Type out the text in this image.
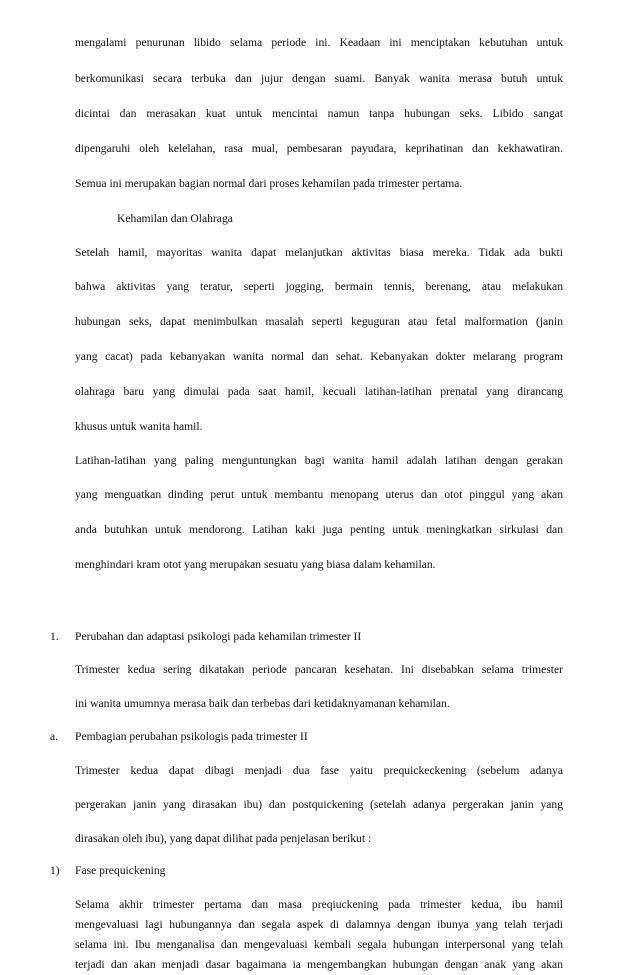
mengalami penurunan libido selama periode ini. Keadaan ini menciptakan kebutuhan untuk
berkomunikasi secara terbuka dan jujur dengan suami. Banyak wanita merasa butuh untuk
dicintai dan merasakan kuat untuk mencintai namun tanpa hubungan seks. Libido sangat
dipengaruhi oleh kelelahan, rasa mual, pembesaran payudara, keprihatinan dan kekhawatiran.
Semua ini merupakan bagian normal dari proses kehamilan pada trimester pertama.
Kehamilan dan Olahraga
Setelah hamil, mayoritas wanita dapat melanjutkan aktivitas biasa mereka. Tidak ada bukti
bahwa aktivitas yang teratur, seperti jogging, bermain tennis, berenang, atau melakukan
hubungan seks, dapat menimbulkan masalah seperti keguguran atau fetal malformation (janin
yang cacat) pada kebanyakan wanita normal dan sehat. Kebanyakan dokter melarang program
olahraga baru yang dimulai pada saat hamil, kecuali latihan-latihan prenatal yang dirancang
khusus untuk wanita hamil.
Latihan-latihan yang paling menguntungkan bagi wanita hamil adalah latihan dengan gerakan
yang menguatkan dinding perut untuk membantu menopang uterus dan otot pinggul yang akan
anda butuhkan untuk mendorong. Latihan kaki juga penting untuk meningkatkan sirkulasi dan
menghindari kram otot yang merupakan sesuatu yang biasa dalam kehamilan.
1. Perubahan dan adaptasi psikologi pada kehamilan trimester II
Trimester kedua sering dikatakan periode pancaran kesehatan. Ini disebabkan selama trimester
ini wanita umumnya merasa baik dan terbebas dari ketidaknyamanan kehamilan.
a. Pembagian perubahan psikologis pada trimester II
Trimester kedua dapat dibagi menjadi dua fase yaitu prequickeckening (sebelum adanya
pergerakan janin yang dirasakan ibu) dan postquickening (setelah adanya pergerakan janin yang
dirasakan oleh ibu), yang dapat dilihat pada penjelasan berikut :
1) Fase prequickening
Selama akhir trimester pertama dan masa preqiuckening pada trimester kedua, ibu hamil
mengevaluasi lagi hubungannya dan segala aspek di dalamnya dengan ibunya yang telah terjadi
selama ini. Ibu menganalisa dan mengevaluasi kembali segala hubungan interpersonal yang telah
terjadi dan akan menjadi dasar bagaimana ia mengembangkan hubungan dengan anak yang akan
